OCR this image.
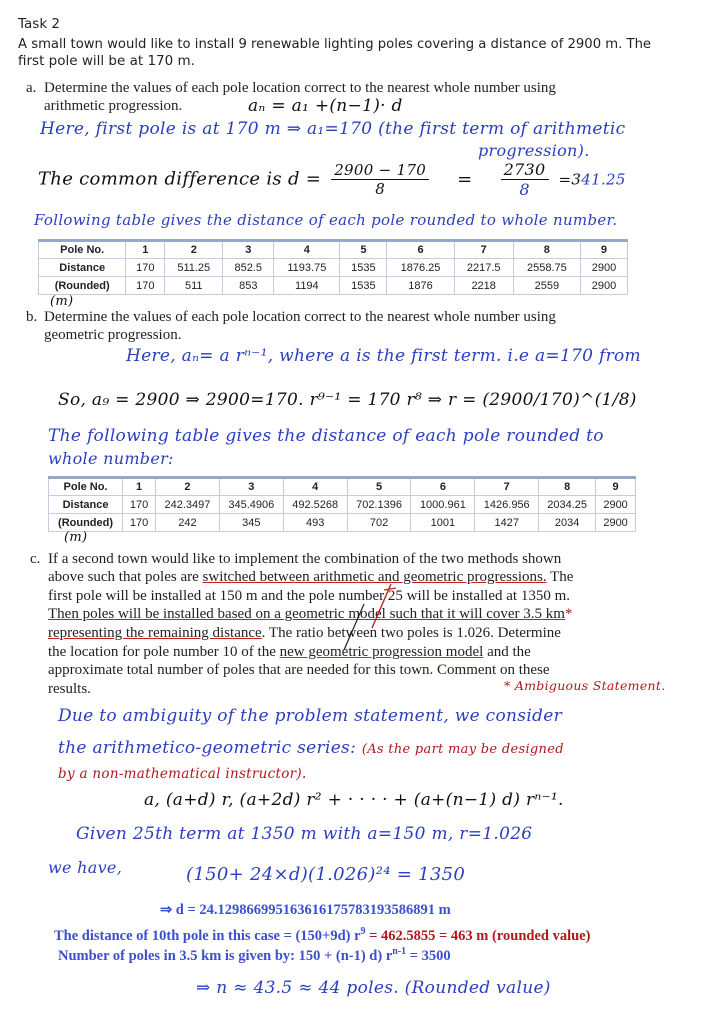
Task 2
A small town would like to install 9 renewable lighting poles covering a distance of 2900 m. The
first pole will be at 170 m.
a. Determine the values of each pole location correct to the nearest whole number using
arithmetic progression.	aₙ = a₁ +(n−1)· d
Here, first pole is at 170 m ⇒ a₁=170 (the first term of arithmetic
progression).
The common difference is $d = \frac{2900 - 170}{8} = \frac{2730}{8} =341.25$
Following table gives the distance of each pole rounded to whole number.
Pole No.	1	2	3	4	5	6	7	8	9
Distance	170	511.25	852.5	1193.75	1535	1876.25	2217.5	2558.75	2900
(Rounded)	170	511	853	1194	1535	1876	2218	2559	2900
(m)
b. Determine the values of each pole location correct to the nearest whole number using
geometric progression.
Here, aₙ= a rⁿ⁻¹, where a is the first term. i.e a=170 from
So, a₉ = 2900 ⇒ 2900=170. r⁹⁻¹ = 170 r⁸ ⇒ r = (2900/170)^(1/8)
The following table gives the distance of each pole rounded to
whole number:
Pole No.	1	2	3	4	5	6	7	8	9
Distance	170	242.3497	345.4906	492.5268	702.1396	1000.961	1426.956	2034.25	2900
(Rounded)	170	242	345	493	702	1001	1427	2034	2900
(m)
c. If a second town would like to implement the combination of the two methods shown
above such that poles are switched between arithmetic and geometric progressions. The
first pole will be installed at 150 m and the pole number 25 will be installed at 1350 m.
Then poles will be installed based on a geometric model such that it will cover 3.5 km*
representing the remaining distance. The ratio between two poles is 1.026. Determine
the location for pole number 10 of the new geometric progression model and the
approximate total number of poles that are needed for this town. Comment on these
results.	* Ambiguous Statement.
Due to ambiguity of the problem statement, we consider
the arithmetico-geometric series: (As the part may be designed
by a non-mathematical instructor).
a, (a+d) r, (a+2d) r² + · · · · + (a+(n−1) d) rⁿ⁻¹.
Given 25th term at 1350 m with a=150 m, r=1.026
we have,	(150+ 24×d)(1.026)²⁴ = 1350
⇒ d = 24.129866995163616175783193586891 m
The distance of 10th pole in this case = (150+9d) $r^9 = 462.5855 = 463$ m (rounded value)
Number of poles in 3.5 km is given by: 150 + (n-1) d) $r^{n-1} = 3500$
⇒ n ≈ 43.5 ≈ 44 poles. (Rounded value)
